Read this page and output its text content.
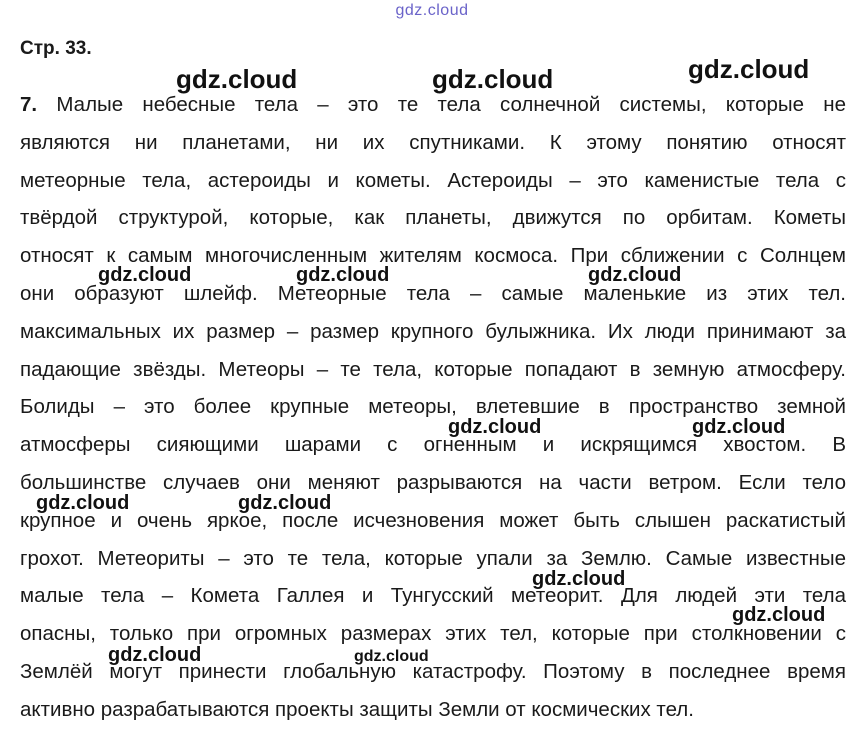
gdz.cloud
Стр. 33.
7. Малые небесные тела – это те тела солнечной системы, которые не
являются ни планетами, ни их спутниками. К этому понятию относят
метеорные тела, астероиды и кометы. Астероиды – это каменистые тела с
твёрдой структурой, которые, как планеты, движутся по орбитам. Кометы
относят к самым многочисленным жителям космоса. При сближении с Солнцем
они образуют шлейф. Метеорные тела – самые маленькие из этих тел.
максимальных их размер – размер крупного булыжника. Их люди принимают за
падающие звёзды. Метеоры – те тела, которые попадают в земную атмосферу.
Болиды – это более крупные метеоры, влетевшие в пространство земной
атмосферы сияющими шарами с огненным и искрящимся хвостом. В
большинстве случаев они меняют разрываются на части ветром. Если тело
крупное и очень яркое, после исчезновения может быть слышен раскатистый
грохот. Метеориты – это те тела, которые упали за Землю. Самые известные
малые тела – Комета Галлея и Тунгусский метеорит. Для людей эти тела
опасны, только при огромных размерах этих тел, которые при столкновении с
Землёй могут принести глобальную катастрофу. Поэтому в последнее время
активно разрабатываются проекты защиты Земли от космических тел.
gdz.cloud	gdz.cloud	gdz.cloud
gdz.cloud	gdz.cloud	gdz.cloud
gdz.cloud	gdz.cloud
gdz.cloud	gdz.cloud
gdz.cloud
gdz.cloud
gdz.cloud	gdz.cloud
